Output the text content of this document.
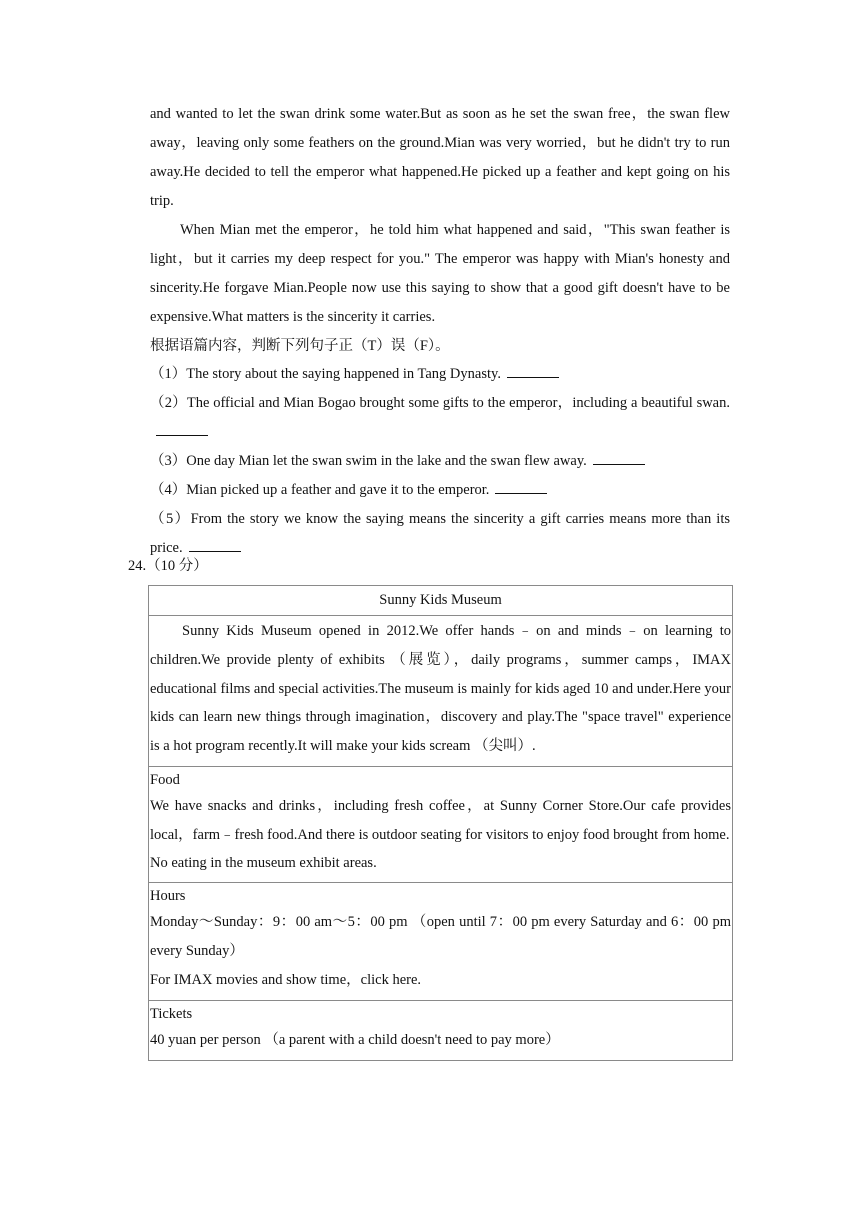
and wanted to let the swan drink some water.But as soon as he set the swan free，the swan flew away，leaving only some feathers on the ground.Mian was very worried，but he didn't try to run away.He decided to tell the emperor what happened.He picked up a feather and kept going on his trip.

When Mian met the emperor，he told him what happened and said，"This swan feather is light，but it carries my deep respect for you." The emperor was happy with Mian's honesty and sincerity.He forgave Mian.People now use this saying to show that a good gift doesn't have to be expensive.What matters is the sincerity it carries.

根据语篇内容，判断下列句子正（T）误（F）。

（1）The story about the saying happened in Tang Dynasty.

（2）The official and Mian Bogao brought some gifts to the emperor，including a beautiful swan.

（3）One day Mian let the swan swim in the lake and the swan flew away.

（4）Mian picked up a feather and gave it to the emperor.

（5）From the story we know the saying means the sincerity a gift carries means more than its price.

24.（10 分）
Sunny Kids Museum
Sunny Kids Museum opened in 2012.We offer hands﹣on and minds﹣on learning to children.We provide plenty of exhibits （展览），daily programs，summer camps，IMAX educational films and special activities.The museum is mainly for kids aged 10 and under.Here your kids can learn new things through imagination，discovery and play.The "space travel" experience is a hot program recently.It will make your kids scream （尖叫）.

Food
We have snacks and drinks，including fresh coffee，at Sunny Corner Store.Our cafe provides local，farm﹣fresh food.And there is outdoor seating for visitors to enjoy food brought from home.
No eating in the museum exhibit areas.

Hours
Monday～Sunday：9：00 am～5：00 pm （open until 7：00 pm every Saturday and 6：00 pm every Sunday）
For IMAX movies and show time，click here.

Tickets
40 yuan per person （a parent with a child doesn't need to pay more）
